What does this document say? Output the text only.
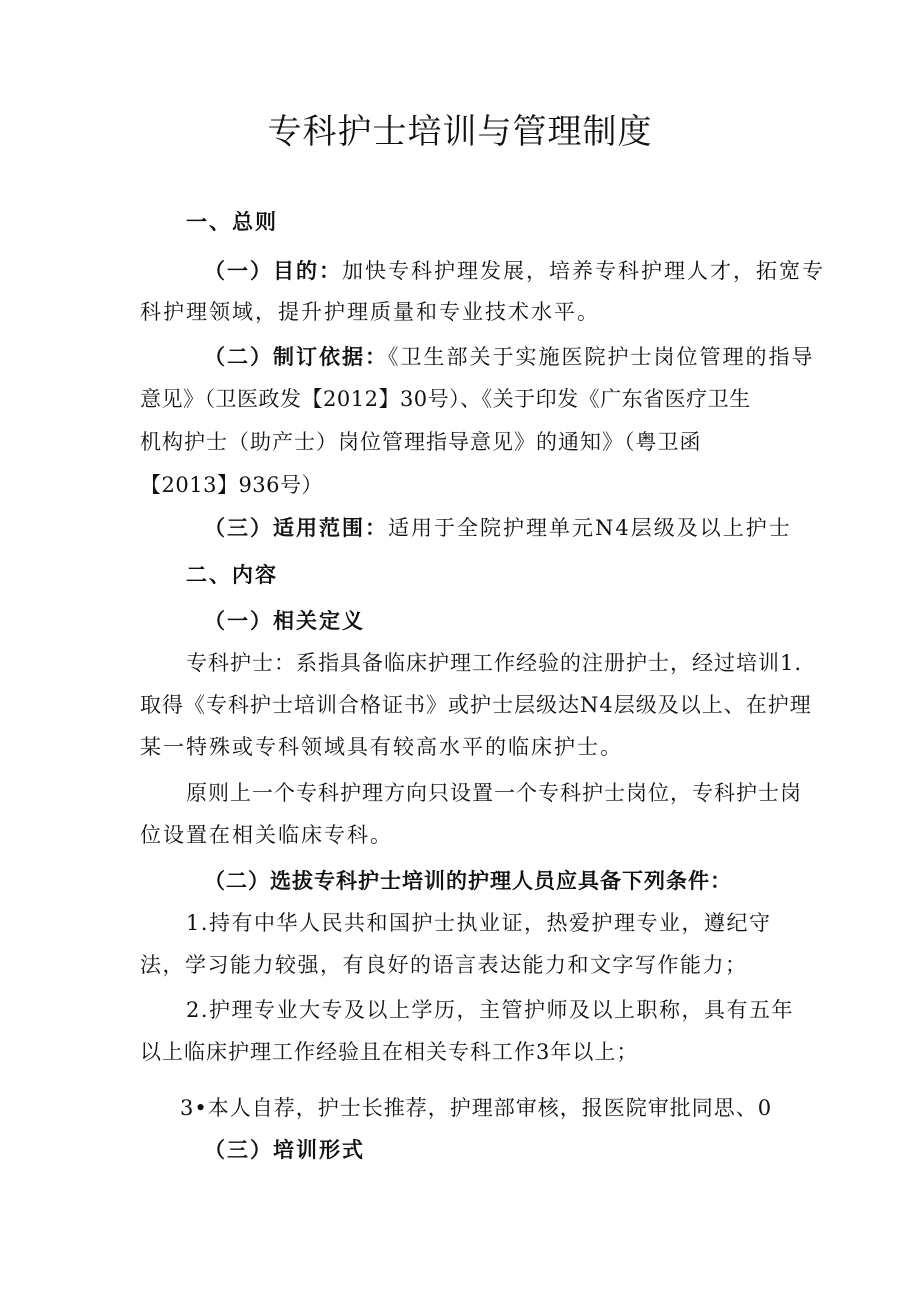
专科护士培训与管理制度
一、总则
（一）目的：加快专科护理发展，培养专科护理人才，拓宽专
科护理领域，提升护理质量和专业技术水平。
（二）制订依据：《卫生部关于实施医院护士岗位管理的指导
意见》（卫医政发【2012】30号）、《关于印发《广东省医疗卫生
机构护士（助产士）岗位管理指导意见》的通知》（粤卫函
【2013】936号）
（三）适用范围：适用于全院护理单元N4层级及以上护士
二、内容
（一）相关定义
专科护士：系指具备临床护理工作经验的注册护士，经过培训1.
取得《专科护士培训合格证书》或护士层级达N4层级及以上、在护理
某一特殊或专科领域具有较高水平的临床护士。
原则上一个专科护理方向只设置一个专科护士岗位，专科护士岗
位设置在相关临床专科。
（二）选拔专科护士培训的护理人员应具备下列条件：
1.持有中华人民共和国护士执业证，热爱护理专业，遵纪守
法，学习能力较强，有良好的语言表达能力和文字写作能力；
2.护理专业大专及以上学历，主管护师及以上职称，具有五年
以上临床护理工作经验且在相关专科工作3年以上；
3•本人自荐，护士长推荐，护理部审核，报医院审批同思、0
（三）培训形式
